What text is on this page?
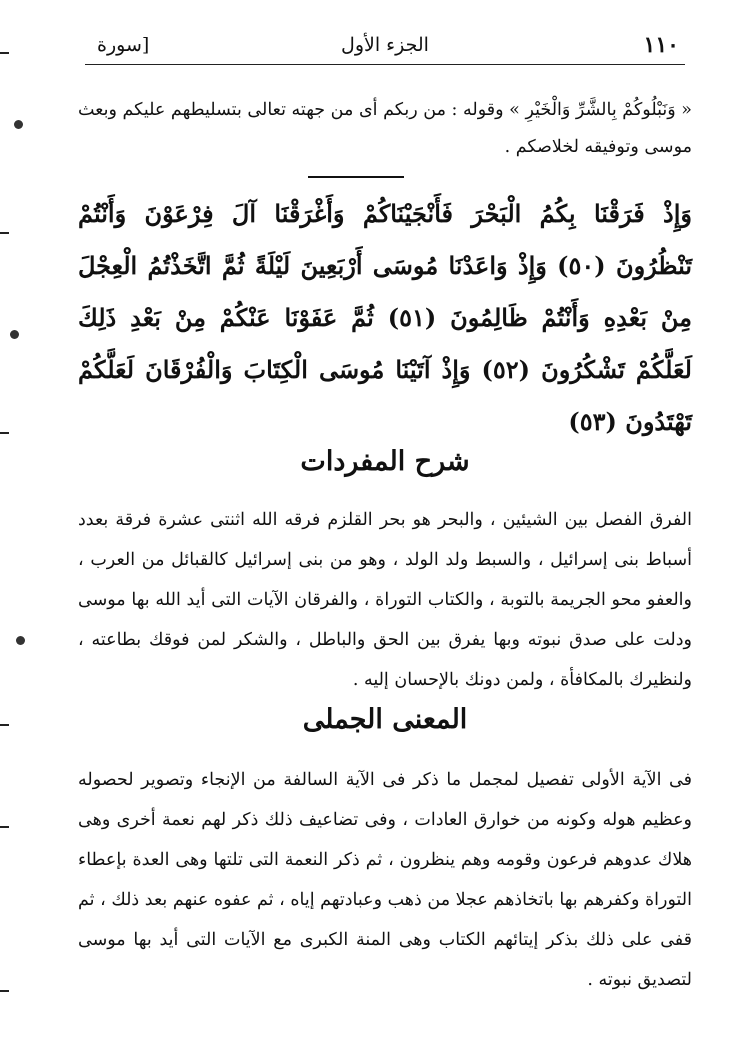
١١٠
الجزء الأول
[سورة
« وَنَبْلُوكُمْ بِالشَّرِّ وَالْخَيْرِ » وقوله : من ربكم أى من جهته تعالى بتسليطهم عليكم وبعث موسى وتوفيقه لخلاصكم .
وَإِذْ فَرَقْنَا بِكُمُ الْبَحْرَ فَأَنْجَيْنَاكُمْ وَأَغْرَقْنَا آلَ فِرْعَوْنَ وَأَنْتُمْ تَنْظُرُونَ (٥٠) وَإِذْ وَاعَدْنَا مُوسَى أَرْبَعِينَ لَيْلَةً ثُمَّ اتَّخَذْتُمُ الْعِجْلَ مِنْ بَعْدِهِ وَأَنْتُمْ ظَالِمُونَ (٥١) ثُمَّ عَفَوْنَا عَنْكُمْ مِنْ بَعْدِ ذَلِكَ لَعَلَّكُمْ تَشْكُرُونَ (٥٢) وَإِذْ آتَيْنَا مُوسَى الْكِتَابَ وَالْفُرْقَانَ لَعَلَّكُمْ تَهْتَدُونَ (٥٣)
شرح المفردات
الفرق الفصل بين الشيئين ، والبحر هو بحر القلزم فرقه الله اثنتى عشرة فرقة بعدد أسباط بنى إسرائيل ، والسبط ولد الولد ، وهو من بنى إسرائيل كالقبائل من العرب ، والعفو محو الجريمة بالتوبة ، والكتاب التوراة ، والفرقان الآيات التى أيد الله بها موسى ودلت على صدق نبوته وبها يفرق بين الحق والباطل ، والشكر لمن فوقك بطاعته ، ولنظيرك بالمكافأة ، ولمن دونك بالإحسان إليه .
المعنى الجملى
فى الآية الأولى تفصيل لمجمل ما ذكر فى الآية السالفة من الإنجاء وتصوير لحصوله وعظيم هوله وكونه من خوارق العادات ، وفى تضاعيف ذلك ذكر لهم نعمة أخرى وهى هلاك عدوهم فرعون وقومه وهم ينظرون ، ثم ذكر النعمة التى تلتها وهى العدة بإعطاء التوراة وكفرهم بها باتخاذهم عجلا من ذهب وعبادتهم إياه ، ثم عفوه عنهم بعد ذلك ، ثم قفى على ذلك بذكر إيتائهم الكتاب وهى المنة الكبرى مع الآيات التى أيد بها موسى لتصديق نبوته .
